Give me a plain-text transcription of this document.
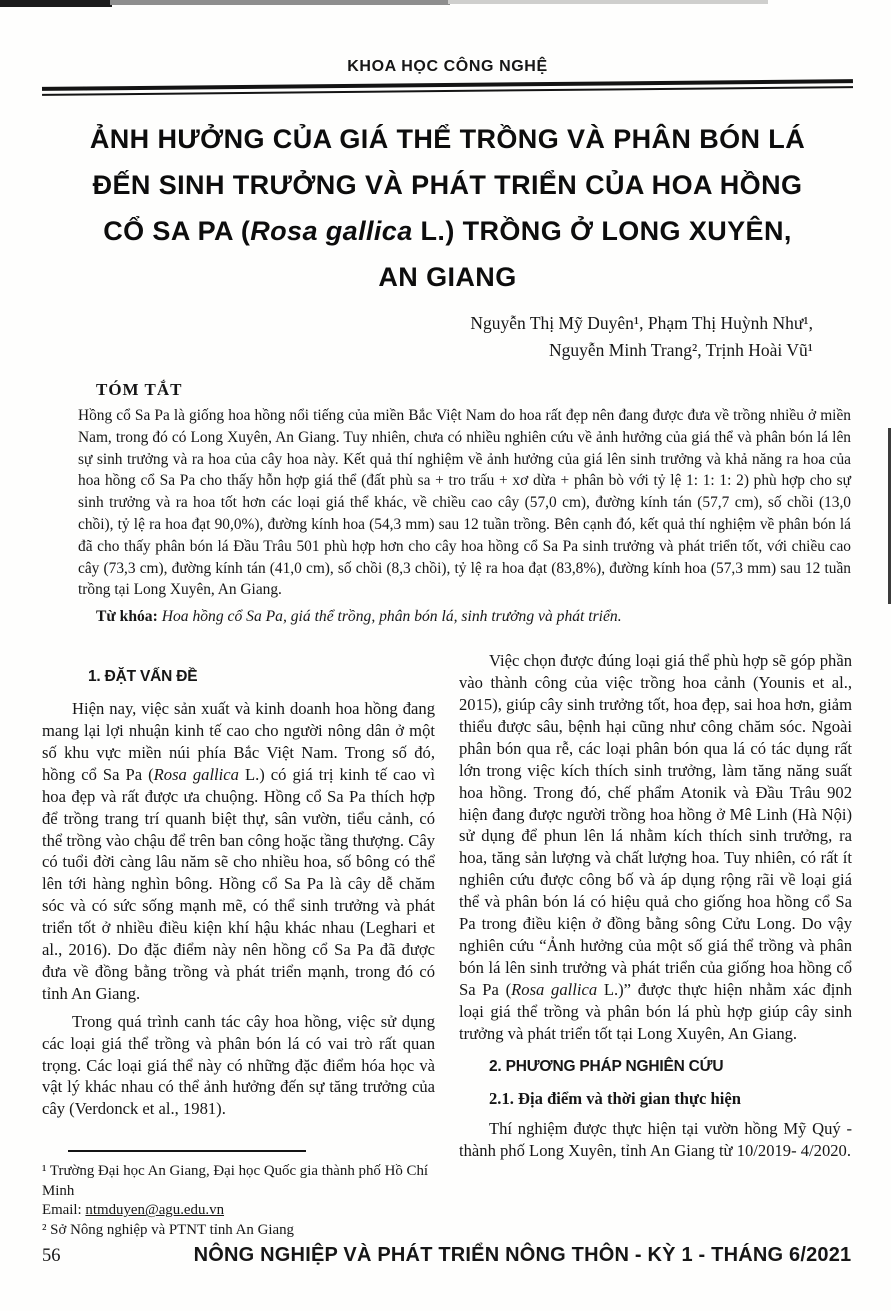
KHOA HỌC CÔNG NGHỆ
ẢNH HƯỞNG CỦA GIÁ THỂ TRỒNG VÀ PHÂN BÓN LÁ
ĐẾN SINH TRƯỞNG VÀ PHÁT TRIỂN CỦA HOA HỒNG
CỔ SA PA (Rosa gallica L.) TRỒNG Ở LONG XUYÊN,
AN GIANG
Nguyễn Thị Mỹ Duyên¹, Phạm Thị Huỳnh Như¹,
Nguyễn Minh Trang², Trịnh Hoài Vũ¹
TÓM TẮT
Hồng cổ Sa Pa là giống hoa hồng nổi tiếng của miền Bắc Việt Nam do hoa rất đẹp nên đang được đưa về trồng nhiều ở miền Nam, trong đó có Long Xuyên, An Giang. Tuy nhiên, chưa có nhiều nghiên cứu về ảnh hưởng của giá thể và phân bón lá lên sự sinh trưởng và ra hoa của cây hoa này. Kết quả thí nghiệm về ảnh hưởng của giá lên sinh trưởng và khả năng ra hoa của hoa hồng cổ Sa Pa cho thấy hỗn hợp giá thể (đất phù sa + tro trấu + xơ dừa + phân bò với tỷ lệ 1: 1: 1: 2) phù hợp cho sự sinh trưởng và ra hoa tốt hơn các loại giá thể khác, về chiều cao cây (57,0 cm), đường kính tán (57,7 cm), số chồi (13,0 chồi), tỷ lệ ra hoa đạt 90,0%), đường kính hoa (54,3 mm) sau 12 tuần trồng. Bên cạnh đó, kết quả thí nghiệm về phân bón lá đã cho thấy phân bón lá Đầu Trâu 501 phù hợp hơn cho cây hoa hồng cổ Sa Pa sinh trưởng và phát triển tốt, với chiều cao cây (73,3 cm), đường kính tán (41,0 cm), số chồi (8,3 chồi), tỷ lệ ra hoa đạt (83,8%), đường kính hoa (57,3 mm) sau 12 tuần trồng tại Long Xuyên, An Giang.
Từ khóa: Hoa hồng cổ Sa Pa, giá thể trồng, phân bón lá, sinh trưởng và phát triển.
1. ĐẶT VẤN ĐỀ

Hiện nay, việc sản xuất và kinh doanh hoa hồng đang mang lại lợi nhuận kinh tế cao cho người nông dân ở một số khu vực miền núi phía Bắc Việt Nam. Trong số đó, hồng cổ Sa Pa (Rosa gallica L.) có giá trị kinh tế cao vì hoa đẹp và rất được ưa chuộng. Hồng cổ Sa Pa thích hợp để trồng trang trí quanh biệt thự, sân vườn, tiểu cảnh, có thể trồng vào chậu để trên ban công hoặc tầng thượng. Cây có tuổi đời càng lâu năm sẽ cho nhiều hoa, số bông có thể lên tới hàng nghìn bông. Hồng cổ Sa Pa là cây dễ chăm sóc và có sức sống mạnh mẽ, có thể sinh trưởng và phát triển tốt ở nhiều điều kiện khí hậu khác nhau (Leghari et al., 2016). Do đặc điểm này nên hồng cổ Sa Pa đã được đưa về đồng bằng trồng và phát triển mạnh, trong đó có tỉnh An Giang.

Trong quá trình canh tác cây hoa hồng, việc sử dụng các loại giá thể trồng và phân bón lá có vai trò rất quan trọng. Các loại giá thể này có những đặc điểm hóa học và vật lý khác nhau có thể ảnh hưởng đến sự tăng trưởng của cây (Verdonck et al., 1981).

¹ Trường Đại học An Giang, Đại học Quốc gia thành phố Hồ Chí Minh
Email: ntmduyen@agu.edu.vn
² Sở Nông nghiệp và PTNT tỉnh An Giang

Việc chọn được đúng loại giá thể phù hợp sẽ góp phần vào thành công của việc trồng hoa cảnh (Younis et al., 2015), giúp cây sinh trưởng tốt, hoa đẹp, sai hoa hơn, giảm thiểu được sâu, bệnh hại cũng như công chăm sóc. Ngoài phân bón qua rễ, các loại phân bón qua lá có tác dụng rất lớn trong việc kích thích sinh trưởng, làm tăng năng suất hoa hồng. Trong đó, chế phẩm Atonik và Đầu Trâu 902 hiện đang được người trồng hoa hồng ở Mê Linh (Hà Nội) sử dụng để phun lên lá nhằm kích thích sinh trưởng, ra hoa, tăng sản lượng và chất lượng hoa. Tuy nhiên, có rất ít nghiên cứu được công bố và áp dụng rộng rãi về loại giá thể và phân bón lá có hiệu quả cho giống hoa hồng cổ Sa Pa trong điều kiện ở đồng bằng sông Cửu Long. Do vậy nghiên cứu “Ảnh hưởng của một số giá thể trồng và phân bón lá lên sinh trưởng và phát triển của giống hoa hồng cổ Sa Pa (Rosa gallica L.)” được thực hiện nhằm xác định loại giá thể trồng và phân bón lá phù hợp giúp cây sinh trưởng và phát triển tốt tại Long Xuyên, An Giang.

2. PHƯƠNG PHÁP NGHIÊN CỨU
2.1. Địa điểm và thời gian thực hiện

Thí nghiệm được thực hiện tại vườn hồng Mỹ Quý - thành phố Long Xuyên, tỉnh An Giang từ 10/2019- 4/2020.

56	NÔNG NGHIỆP VÀ PHÁT TRIỂN NÔNG THÔN - KỲ 1 - THÁNG 6/2021
